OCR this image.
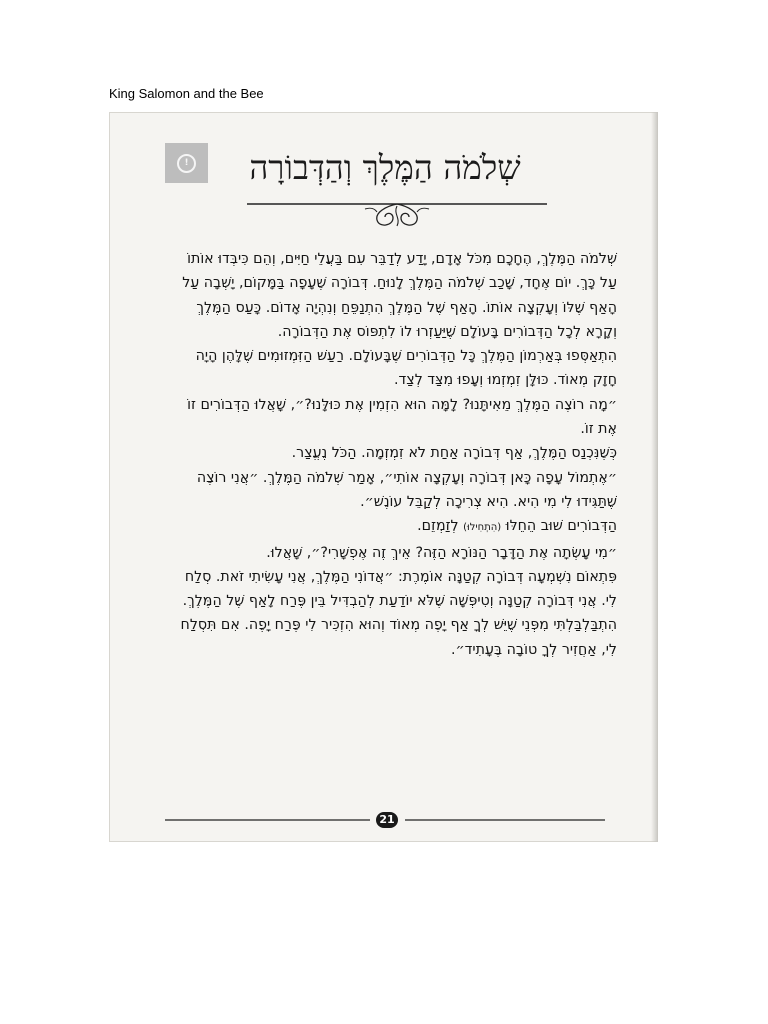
King Salomon and the Bee
!	שְׁלֹמֹה הַמֶּלֶךְ וְהַדְּבוֹרָה

שְׁלֹמֹה הַמֶּלֶךְ, הֶחָכָם מִכֹּל אָדָם, יָדַע לְדַבֵּר עִם בַּעֲלֵי חַיִּים, וְהֵם כִּיבְּדוּ אוֹתוֹ עַל כָּךְ. יוֹם אֶחָד, שָׁכַב שְׁלֹמֹה הַמֶּלֶךְ לָנוּחַ. דְּבוֹרָה שֶׁעָפָה בַּמָּקוֹם, יָשְׁבָה עַל הָאַף שֶׁלּוֹ וְעָקְצָה אוֹתוֹ. הָאַף שֶׁל הַמֶּלֶךְ הִתְנַפֵּחַ וְנִהְיָה אָדוֹם. כָּעַס הַמֶּלֶךְ וְקָרָא לְכָל הַדְּבוֹרִים בָּעוֹלָם שֶׁיַּעַזְרוּ לוֹ לִתְפּוֹס אֶת הַדְּבוֹרָה.

הִתְאַסְּפוּ בְּאַרְמוֹן הַמֶּלֶךְ כָּל הַדְּבוֹרִים שֶׁבָּעוֹלָם. רַעַשׁ הַזִּמְזוּמִים שֶׁלָּהֶן הָיָה חָזָק מְאוֹד. כּוּלָּן זִמְזְמוּ וְעָפוּ מִצַּד לְצַד.

״מָה רוֹצֶה הַמֶּלֶךְ מֵאִיתָּנוּ? לָמָּה הוּא הִזְמִין אֶת כּוּלָּנוּ?״, שָׁאֲלוּ הַדְּבוֹרִים זוֹ אֶת זוֹ.

כְּשֶׁנִּכְנַס הַמֶּלֶךְ, אַף דְּבוֹרָה אַחַת לֹא זִמְזְמָה. הַכֹּל נֶעֱצַר.

״אֶתְמוֹל עָפָה כָּאן דְּבוֹרָה וְעָקְצָה אוֹתִי״, אָמַר שְׁלֹמֹה הַמֶּלֶךְ. ״אֲנִי רוֹצֶה שֶׁתַּגִּידוּ לִי מִי הִיא. הִיא צְרִיכָה לְקַבֵּל עוֹנֶשׁ״.

הַדְּבוֹרִים שׁוּב הֵחֵלּוּ (הִתְחִילוּ) לְזַמְזֵם.

״מִי עָשְׂתָה אֶת הַדָּבָר הַנּוֹרָא הַזֶּה? אֵיךְ זֶה אֶפְשָׁרִי?״, שָׁאֲלוּ.

פִּתְאוֹם נִשְׁמְעָה דְּבוֹרָה קְטַנָּה אוֹמֶרֶת: ״אֲדוֹנִי הַמֶּלֶךְ, אֲנִי עָשִׂיתִי זֹאת. סְלַח לִי. אֲנִי דְּבוֹרָה קְטַנָּה וְטִיפְּשָׁה שֶׁלֹּא יוֹדַעַת לְהַבְדִּיל בֵּין פֶּרַח לָאַף שֶׁל הַמֶּלֶךְ. הִתְבַּלְבַּלְתִּי מִפְּנֵי שֶׁיֵּשׁ לְךָ אַף יָפֶה מְאוֹד וְהוּא הִזְכִּיר לִי פֶּרַח יָפֶה. אִם תִּסְלַח לִי, אַחֲזִיר לְךָ טוֹבָה בֶּעָתִיד״.

21
